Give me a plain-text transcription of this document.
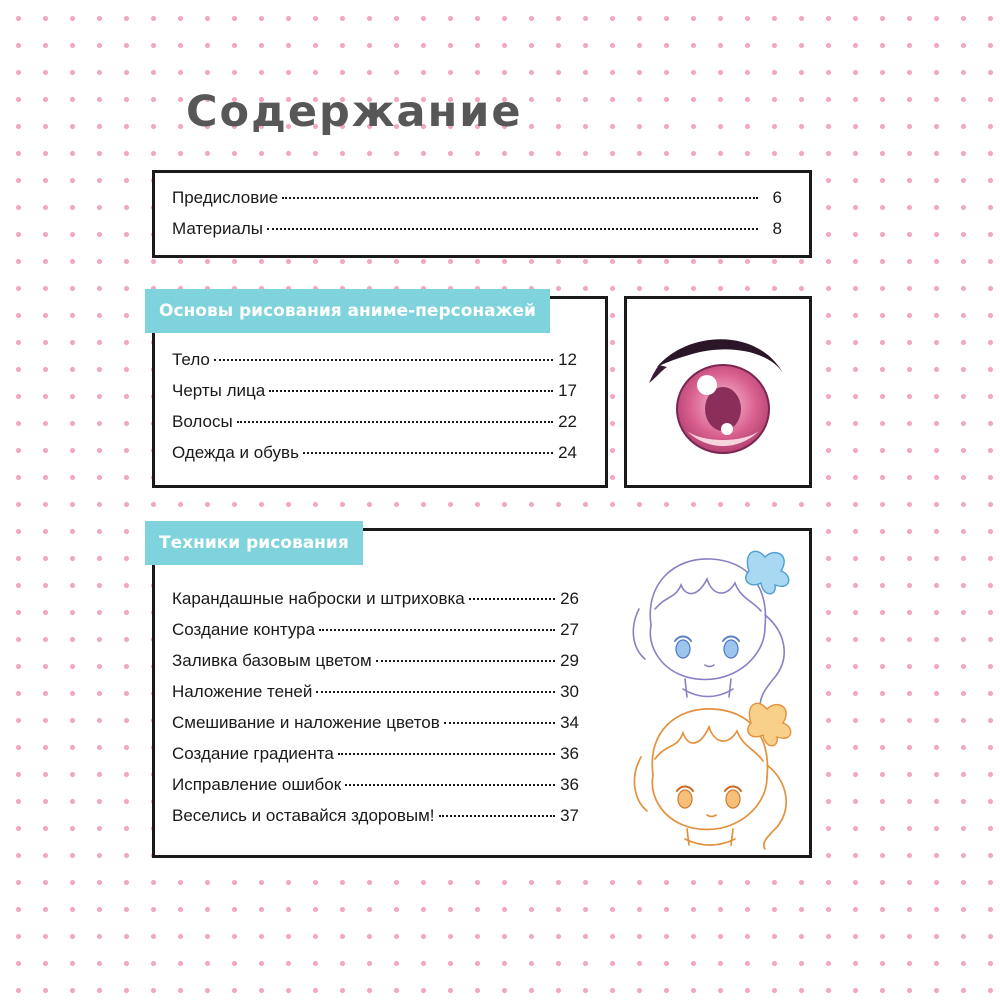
Содержание
Предисловие	6
Материалы	8
Основы рисования аниме-персонажей
Тело	12
Черты лица	17
Волосы	22
Одежда и обувь	24
Техники рисования
Карандашные наброски и штриховка	26
Создание контура	27
Заливка базовым цветом	29
Наложение теней	30
Смешивание и наложение цветов	34
Создание градиента	36
Исправление ошибок	36
Веселись и оставайся здоровым!	37
